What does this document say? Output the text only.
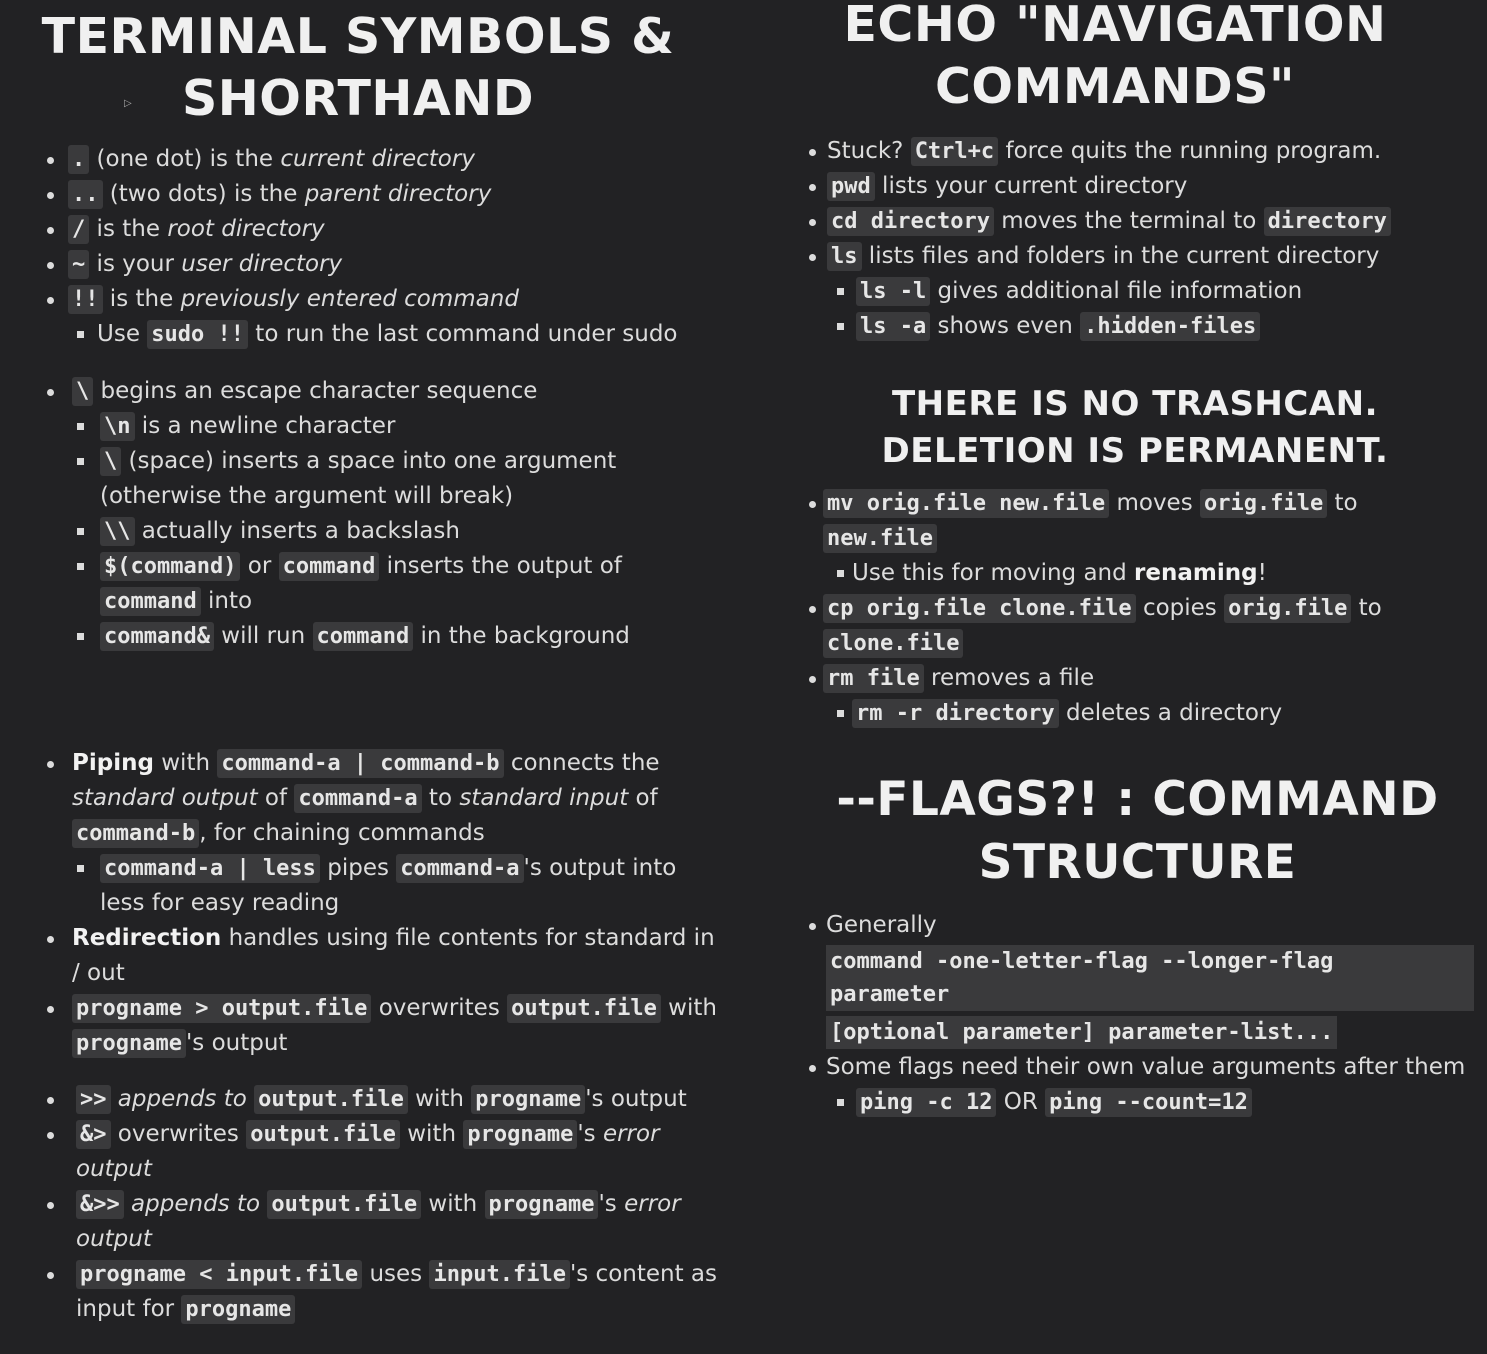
▷
TERMINAL SYMBOLS &
SHORTHAND
. (one dot) is the current directory
.. (two dots) is the parent directory
/ is the root directory
~ is your user directory
!! is the previously entered command
Use sudo !! to run the last command under sudo
\ begins an escape character sequence
\n is a newline character
\ (space) inserts a space into one argument (otherwise the argument will break)
\\ actually inserts a backslash
$(command) or command inserts the output of command into
command& will run command in the background
Piping with command-a | command-b connects the standard output of command-a to standard input of command-b , for chaining commands
command-a | less pipes command-a 's output into less for easy reading
Redirection handles using file contents for standard in / out
progname > output.file overwrites output.file with progname 's output
>> appends to output.file with progname 's output
&> overwrites output.file with progname 's error output
&>> appends to output.file with progname 's error output
progname < input.file uses input.file 's content as input for progname
ECHO "NAVIGATION
COMMANDS"
Stuck? Ctrl+c force quits the running program.
pwd lists your current directory
cd directory moves the terminal to directory
ls lists files and folders in the current directory
ls -l gives additional file information
ls -a shows even .hidden-files
THERE IS NO TRASHCAN.
DELETION IS PERMANENT.
mv orig.file new.file moves orig.file to new.file
Use this for moving and renaming!
cp orig.file clone.file copies orig.file to clone.file
rm file removes a file
rm -r directory deletes a directory
--FLAGS?! : COMMAND
STRUCTURE
Generally
command -one-letter-flag --longer-flag
parameter
[optional parameter] parameter-list...
Some flags need their own value arguments after them
ping -c 12 OR ping --count=12
